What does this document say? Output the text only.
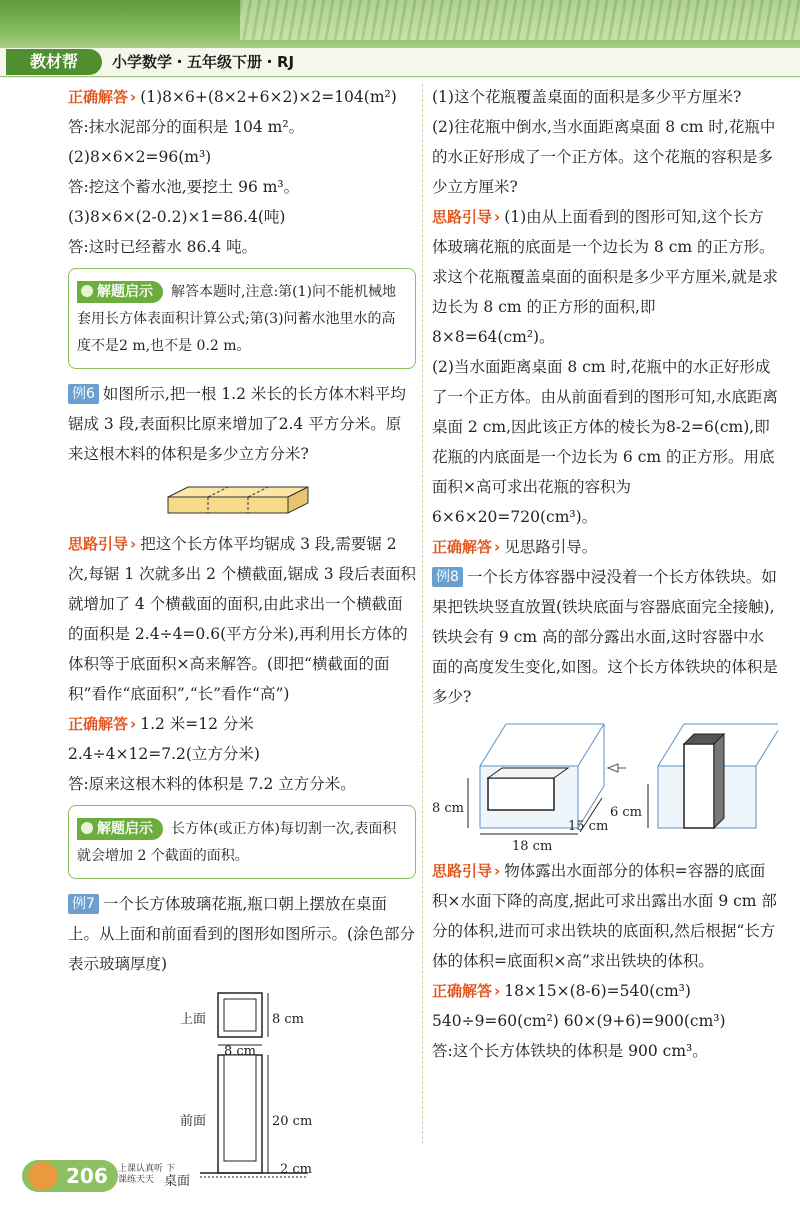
教材帮	小学数学・五年级下册・RJ

正确解答 › (1)8×6+(8×2+6×2)×2=104(m²)

答:抹水泥部分的面积是 104 m²。

(2)8×6×2=96(m³)

答:挖这个蓄水池,要挖土 96 m³。

(3)8×6×(2-0.2)×1=86.4(吨)

答:这时已经蓄水 86.4 吨。

解题启示 解答本题时,注意:第(1)问不能机械地套用长方体表面积计算公式;第(3)问蓄水池里水的高度不是2 m,也不是 0.2 m。

例6 如图所示,把一根 1.2 米长的长方体木料平均锯成 3 段,表面积比原来增加了2.4 平方分米。原来这根木料的体积是多少立方分米?

思路引导 › 把这个长方体平均锯成 3 段,需要锯 2 次,每锯 1 次就多出 2 个横截面,锯成 3 段后表面积就增加了 4 个横截面的面积,由此求出一个横截面的面积是 2.4÷4=0.6(平方分米),再利用长方体的体积等于底面积×高来解答。(即把“横截面的面积”看作“底面积”,“长”看作“高”)

正确解答 › 1.2 米=12 分米

2.4÷4×12=7.2(立方分米)

答:原来这根木料的体积是 7.2 立方分米。

解题启示 长方体(或正方体)每切割一次,表面积就会增加 2 个截面的面积。

例7 一个长方体玻璃花瓶,瓶口朝上摆放在桌面上。从上面和前面看到的图形如图所示。(涂色部分表示玻璃厚度)

上面	8 cm
8 cm
前面	20 cm
2 cm
桌面

(1)这个花瓶覆盖桌面的面积是多少平方厘米?

(2)往花瓶中倒水,当水面距离桌面 8 cm 时,花瓶中的水正好形成了一个正方体。这个花瓶的容积是多少立方厘米?

思路引导 › (1)由从上面看到的图形可知,这个长方体玻璃花瓶的底面是一个边长为 8 cm 的正方形。求这个花瓶覆盖桌面的面积是多少平方厘米,就是求边长为 8 cm 的正方形的面积,即 8×8=64(cm²)。

(2)当水面距离桌面 8 cm 时,花瓶中的水正好形成了一个正方体。由从前面看到的图形可知,水底距离桌面 2 cm,因此该正方体的棱长为8-2=6(cm),即花瓶的内底面是一个边长为 6 cm 的正方形。用底面积×高可求出花瓶的容积为 6×6×20=720(cm³)。

正确解答 › 见思路引导。

例8 一个长方体容器中浸没着一个长方体铁块。如果把铁块竖直放置(铁块底面与容器底面完全接触),铁块会有 9 cm 高的部分露出水面,这时容器中水面的高度发生变化,如图。这个长方体铁块的体积是多少?

8 cm
15 cm
18 cm
6 cm

思路引导 › 物体露出水面部分的体积=容器的底面积×水面下降的高度,据此可求出露出水面 9 cm 部分的体积,进而可求出铁块的底面积,然后根据“长方体的体积=底面积×高”求出铁块的体积。

正确解答 › 18×15×(8-6)=540(cm³)

540÷9=60(cm²) 60×(9+6)=900(cm³)

答:这个长方体铁块的体积是 900 cm³。

206	上课认真听 下课练天天
